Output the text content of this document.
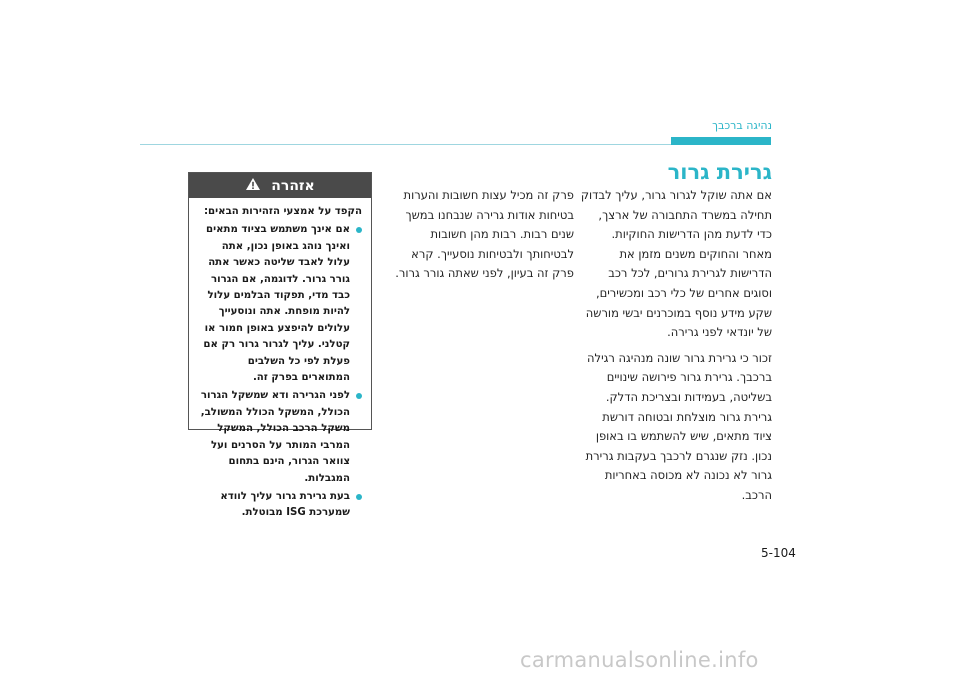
נהיגה ברכבך
גרירת גרור

אם אתה שוקל לגרור גרור, עליך לבדוק תחילה במשרד התחבורה של ארצך, כדי לדעת מהן הדרישות החוקיות. מאחר והחוקים משנים מזמן את הדרישות לגרירת גרורים, לכל רכב וסוגים אחרים של כלי רכב ומכשירים, שקע מידע נוסף במוכרנים יבשי מורשה של יונדאי לפני גרירה.

זכור כי גרירת גרור שונה מנהיגה רגילה ברכבך. גרירת גרור פירושה שינויים בשליטה, בעמידות ובצריכת הדלק. גרירת גרור מוצלחת ובטוחה דורשת ציוד מתאים, שיש להשתמש בו באופן נכון. נזק שנגרם לרכבך בעקבות גרירת גרור לא נכונה לא מכוסה באחריות הרכב.

פרק זה מכיל עצות חשובות והערות בטיחות אודות גרירה שנבחנו במשך שנים רבות. רבות מהן חשובות לבטיחותך ולבטיחות נוסעייך. קרא פרק זה בעיון, לפני שאתה גורר גרור.

אזהרה

הקפד על אמצעי הזהירות הבאים:

אם אינך משתמש בציוד מתאים ואינך נוהג באופן נכון, אתה עלול לאבד שליטה כאשר אתה גורר גרור. לדוגמה, אם הגרור כבד מדי, תפקוד הבלמים עלול להיות מופחת. אתה ונוסעייך עלולים להיפצע באופן חמור או קטלני. עליך לגרור גרור רק אם פעלת לפי כל השלבים המתוארים בפרק זה.
לפני הגרירה ודא שמשקל הגרור הכולל, המשקל הכולל המשולב, משקל הרכב הכולל, המשקל המרבי המותר על הסרנים ועל צוואר הגרור, הינם בתחום המגבלות.
בעת גרירת גרור עליך לוודא שמערכת ISG מבוטלת.
5-104
carmanualsonline.info
